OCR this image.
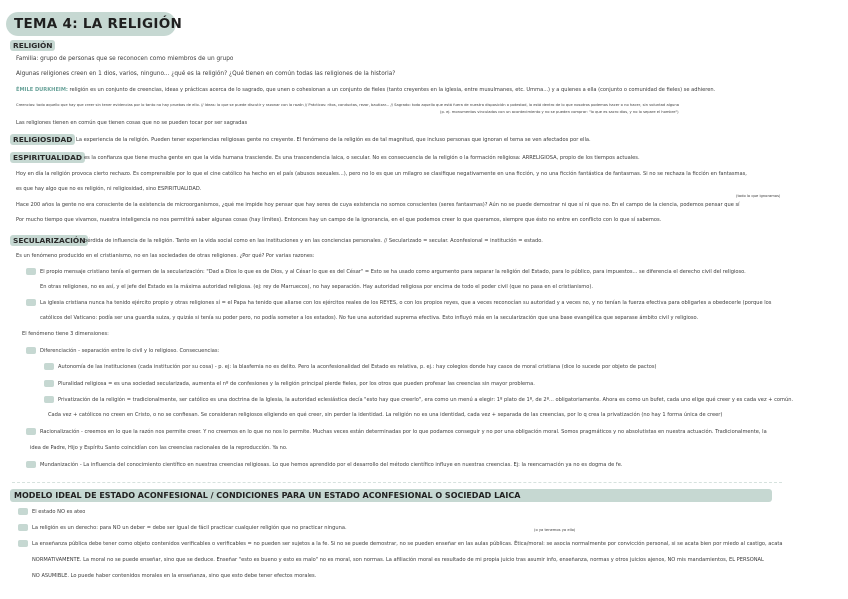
TEMA 4: LA RELIGIÓN
RELIGIÓN
Familia: grupo de personas que se reconocen como miembros de un grupo
Algunas religiones creen en 1 dios, varios, ninguno... ¿qué es la religión? ¿Qué tienen en común todas las religiones de la historia?
ÉMILE DURKHEIM: religión es un conjunto de creencias, ideas y prácticas acerca de lo sagrado, que unen o cohesionan a un conjunto de fieles (tanto creyentes en la iglesia, entre musulmanes, etc. Umma...) y a quienes a ella (conjunto o comunidad de fieles) se adhieren.
Creencias: todo aquello que hay que creer sin tener evidencias por lo tanto no hay pruebas de ello. // Ideas: lo que se puede discutir y razonar con la razón // Prácticas: ritos, conductas, rezar, bautizar... // Sagrado: todo aquello que está fuera de nuestra disposición o potestad, lo está dentro de lo que nosotros podemos hacer o no hacer, sin voluntad alguna
(p. ej. monumentos vinculados con un acontecimiento y no se pueden comprar: "lo que es sacro dios, y no lo separe el hombre")
Las religiones tienen en común que tienen cosas que no se pueden tocar por ser sagradas
RELIGIOSIDAD La experiencia de la religión. Pueden tener experiencias religiosas gente no creyente. El fenómeno de la religión es de tal magnitud, que incluso personas que ignoran el tema se ven afectados por ella.
ESPIRITUALIDAD es la confianza que tiene mucha gente en que la vida humana trasciende. Es una trascendencia laica, o secular. No es consecuencia de la religión o la formación religiosa: ARRELIGIOSA, propio de los tiempos actuales.
Hoy en día la religión provoca cierto rechazo. Es comprensible por lo que el cine católico ha hecho en el país (abusos sexuales...), pero no lo es que un milagro se clasifique negativamente en una ficción, y no una ficción fantástica de fantasmas. Si no se rechaza la ficción en fantasmas,
es que hay algo que no es religión, ni religiosidad, sino ESPIRITUALIDAD.
(todo lo que ignoramos)
Hace 200 años la gente no era consciente de la existencia de microorganismos, ¿qué me impide hoy pensar que hay seres de cuya existencia no somos conscientes (seres fantasmas)? Aún no se puede demostrar ni que sí ni que no. En el campo de la ciencia, podemos pensar que sí
Por mucho tiempo que vivamos, nuestra inteligencia no nos permitirá saber algunas cosas (hay límites). Entonces hay un campo de la ignorancia, en el que podemos creer lo que queramos, siempre que ésto no entre en conflicto con lo que sí sabemos.
SECULARIZACIÓN
pérdida de influencia de la religión. Tanto en la vida social como en las instituciones y en las conciencias personales. // Secularizado = secular. Aconfesional = institución = estado.
Es un fenómeno producido en el cristianismo, no en las sociedades de otras religiones. ¿Por qué? Por varias razones:
El propio mensaje cristiano tenía el germen de la secularización: "Dad a Dios lo que es de Dios, y al César lo que es del César" = Esto se ha usado como argumento para separar la religión del Estado, para lo público, para impuestos... se diferencia el derecho civil del religioso.
En otras religiones, no es así, y el jefe del Estado es la máxima autoridad religiosa. (ej: rey de Marruecos), no hay separación. Hay autoridad religiosa por encima de todo el poder civil (que no pasa en el cristianismo).
La iglesia cristiana nunca ha tenido ejército propio y otras religiones sí = el Papa ha tenido que aliarse con los ejércitos reales de los REYES, o con los propios reyes, que a veces reconocían su autoridad y a veces no, y no tenían la fuerza efectiva para obligarles a obedecerle (porque los
católicos del Vaticano: podía ser una guardia suiza, y quizás si tenía su poder pero, no podía someter a los estados). No fue una autoridad suprema efectiva. Esto influyó más en la secularización que una base evangélica que separase ámbito civil y religioso.
El fenómeno tiene 3 dimensiones:
Diferenciación - separación entre lo civil y lo religioso. Consecuencias:
Autonomía de las instituciones (cada institución por su cosa) - p. ej: la blasfemia no es delito. Pero la aconfesionalidad del Estado es relativa, p. ej.: hay colegios donde hay casos de moral cristiana (dice lo sucede por objeto de pactos)
Pluralidad religiosa = es una sociedad secularizada, aumenta el nº de confesiones y la religión principal pierde fieles, por los otros que pueden profesar las creencias sin mayor problema.
Privatización de la religión = tradicionalmente, ser católico es una doctrina de la Iglesia, la autoridad eclesiástica decía "esto hay que creerlo", era como un menú a elegir: 1º plato de 1º, de 2º... obligatoriamente. Ahora es como un bufet, cada uno elige qué creer y es cada vez + común.
Cada vez + católicos no creen en Cristo, o no se confiesan. Se consideran religiosos eligiendo en qué creer, sin perder la identidad. La religión no es una identidad, cada vez + separada de las creencias, por lo q crea la privatización (no hay 1 forma única de creer)
Racionalización - creemos en lo que la razón nos permite creer. Y no creemos en lo que no nos lo permite. Muchas veces están determinadas por lo que podamos conseguir y no por una obligación moral. Somos pragmáticos y no absolutistas en nuestra actuación. Tradicionalmente, la
idea de Padre, Hijo y Espíritu Santo coincidían con las creencias racionales de la reproducción. Ya no.
Mundanización - La influencia del conocimiento científico en nuestras creencias religiosas. Lo que hemos aprendido por el desarrollo del método científico influye en nuestras creencias. Ej: la reencarnación ya no es dogma de fe.
MODELO IDEAL DE ESTADO ACONFESIONAL / CONDICIONES PARA UN ESTADO ACONFESIONAL O SOCIEDAD LAICA
El estado NO es ateo
La religión es un derecho: para NO un deber = debe ser igual de fácil practicar cualquier religión que no practicar ninguna.	(o ya tenemos ya ello)
La enseñanza pública debe tener como objeto contenidos verificables o verificables = no pueden ser sujetos a la fe. Si no se puede demostrar, no se pueden enseñar en las aulas públicas. Ética/moral: se asocia normalmente por convicción personal, si se acata bien por miedo al castigo, acata
NORMATIVAMENTE. La moral no se puede enseñar, sino que se deduce. Enseñar "esto es bueno y esto es malo" no es moral, son normas. La afiliación moral es resultado de mi propia juicio tras asumir info, enseñanza, normas y otros juicios ajenos, NO mis mandamientos, EL PERSONAL
NO ASUMIBLE. Lo puede haber contenidos morales en la enseñanza, sino que esto debe tener efectos morales.
